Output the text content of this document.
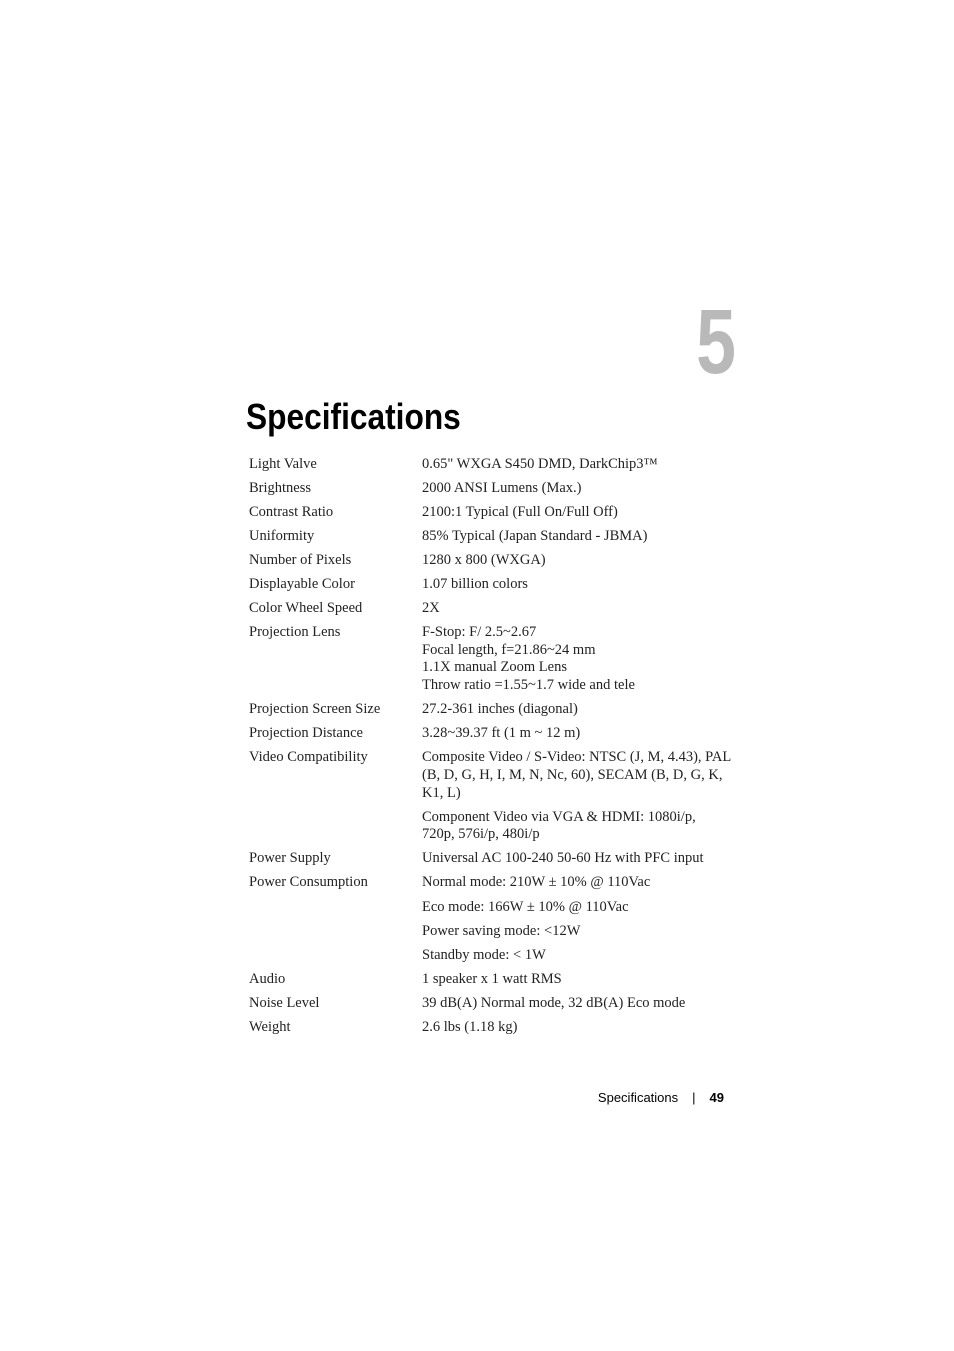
5
Specifications
Light Valve	0.65" WXGA S450 DMD, DarkChip3™
Brightness	2000 ANSI Lumens (Max.)
Contrast Ratio	2100:1 Typical (Full On/Full Off)
Uniformity	85% Typical (Japan Standard - JBMA)
Number of Pixels	1280 x 800 (WXGA)
Displayable Color	1.07 billion colors
Color Wheel Speed	2X
Projection Lens	F-Stop: F/ 2.5~2.67
Focal length, f=21.86~24 mm
1.1X manual Zoom Lens
Throw ratio =1.55~1.7 wide and tele
Projection Screen Size	27.2-361 inches (diagonal)
Projection Distance	3.28~39.37 ft (1 m ~ 12 m)
Video Compatibility	Composite Video / S-Video: NTSC (J, M, 4.43), PAL
(B, D, G, H, I, M, N, Nc, 60), SECAM (B, D, G, K,
K1, L)
Component Video via VGA & HDMI: 1080i/p,
720p, 576i/p, 480i/p
Power Supply	Universal AC 100-240 50-60 Hz with PFC input
Power Consumption	Normal mode: 210W ± 10% @ 110Vac
Eco mode: 166W ± 10% @ 110Vac
Power saving mode: <12W
Standby mode: < 1W
Audio	1 speaker x 1 watt RMS
Noise Level	39 dB(A) Normal mode, 32 dB(A) Eco mode
Weight	2.6 lbs (1.18 kg)
Specifications | 49
